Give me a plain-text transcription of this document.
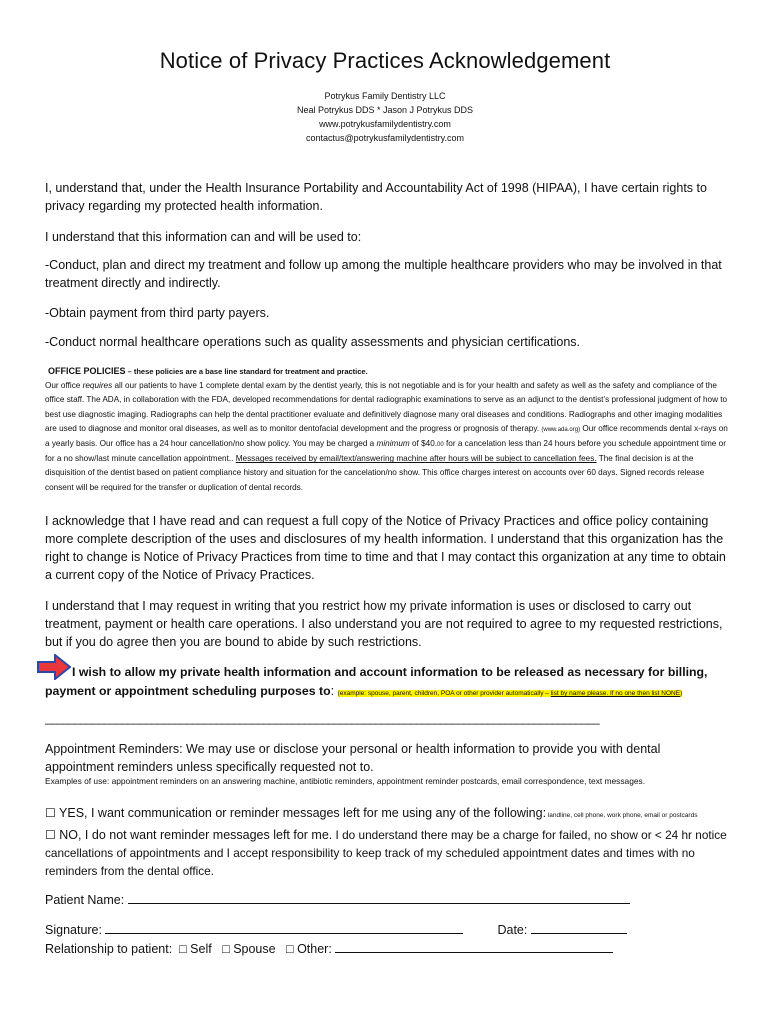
Notice of Privacy Practices Acknowledgement
Potrykus Family Dentistry LLC
Neal Potrykus DDS * Jason J Potrykus DDS
www.potrykusfamilydentistry.com
contactus@potrykusfamilydentistry.com
I, understand that, under the Health Insurance Portability and Accountability Act of 1998 (HIPAA), I have certain rights to privacy regarding my protected health information.
I understand that this information can and will be used to:
-Conduct, plan and direct my treatment and follow up among the multiple healthcare providers who may be involved in that treatment directly and indirectly.
-Obtain payment from third party payers.
-Conduct normal healthcare operations such as quality assessments and physician certifications.
OFFICE POLICIES – these policies are a base line standard for treatment and practice.
Our office requires all our patients to have 1 complete dental exam by the dentist yearly, this is not negotiable and is for your health and safety as well as the safety and compliance of the office staff. The ADA, in collaboration with the FDA, developed recommendations for dental radiographic examinations to serve as an adjunct to the dentist’s professional judgment of how to best use diagnostic imaging. Radiographs can help the dental practitioner evaluate and definitively diagnose many oral diseases and conditions. Radiographs and other imaging modalities are used to diagnose and monitor oral diseases, as well as to monitor dentofacial development and the progress or prognosis of therapy. (www.ada.org) Our office recommends dental x-rays on a yearly basis. Our office has a 24 hour cancellation/no show policy. You may be charged a minimum of $40.00 for a cancelation less than 24 hours before you schedule appointment time or for a no show/last minute cancellation appointment.. Messages received by email/text/answering machine after hours will be subject to cancellation fees. The final decision is at the disquisition of the dentist based on patient compliance history and situation for the cancelation/no show. This office charges interest on accounts over 60 days. Signed records release consent will be required for the transfer or duplication of dental records.
I acknowledge that I have read and can request a full copy of the Notice of Privacy Practices and office policy containing more complete description of the uses and disclosures of my health information. I understand that this organization has the right to change is Notice of Privacy Practices from time to time and that I may contact this organization at any time to obtain a current copy of the Notice of Privacy Practices.
I understand that I may request in writing that you restrict how my private information is uses or disclosed to carry out treatment, payment or health care operations. I also understand you are not required to agree to my requested restrictions, but if you do agree then you are bound to abide by such restrictions.
I wish to allow my private health information and account information to be released as necessary for billing,
payment or appointment scheduling purposes to: (example: spouse, parent, children, POA or other provider automatically – list by name please. If no one then list NONE)
______________________________________________________________________________________________
Appointment Reminders: We may use or disclose your personal or health information to provide you with dental appointment reminders unless specifically requested not to.
Examples of use: appointment reminders on an answering machine, antibiotic reminders, appointment reminder postcards, email correspondence, text messages.
☐ YES, I want communication or reminder messages left for me using any of the following: landline, cell phone, work phone, email or postcards
☐ NO, I do not want reminder messages left for me. I do understand there may be a charge for failed, no show or < 24 hr notice cancellations of appointments and I accept responsibility to keep track of my scheduled appointment dates and times with no reminders from the dental office.
Patient Name:
Signature:	Date:
Relationship to patient: □ Self □ Spouse □ Other:
